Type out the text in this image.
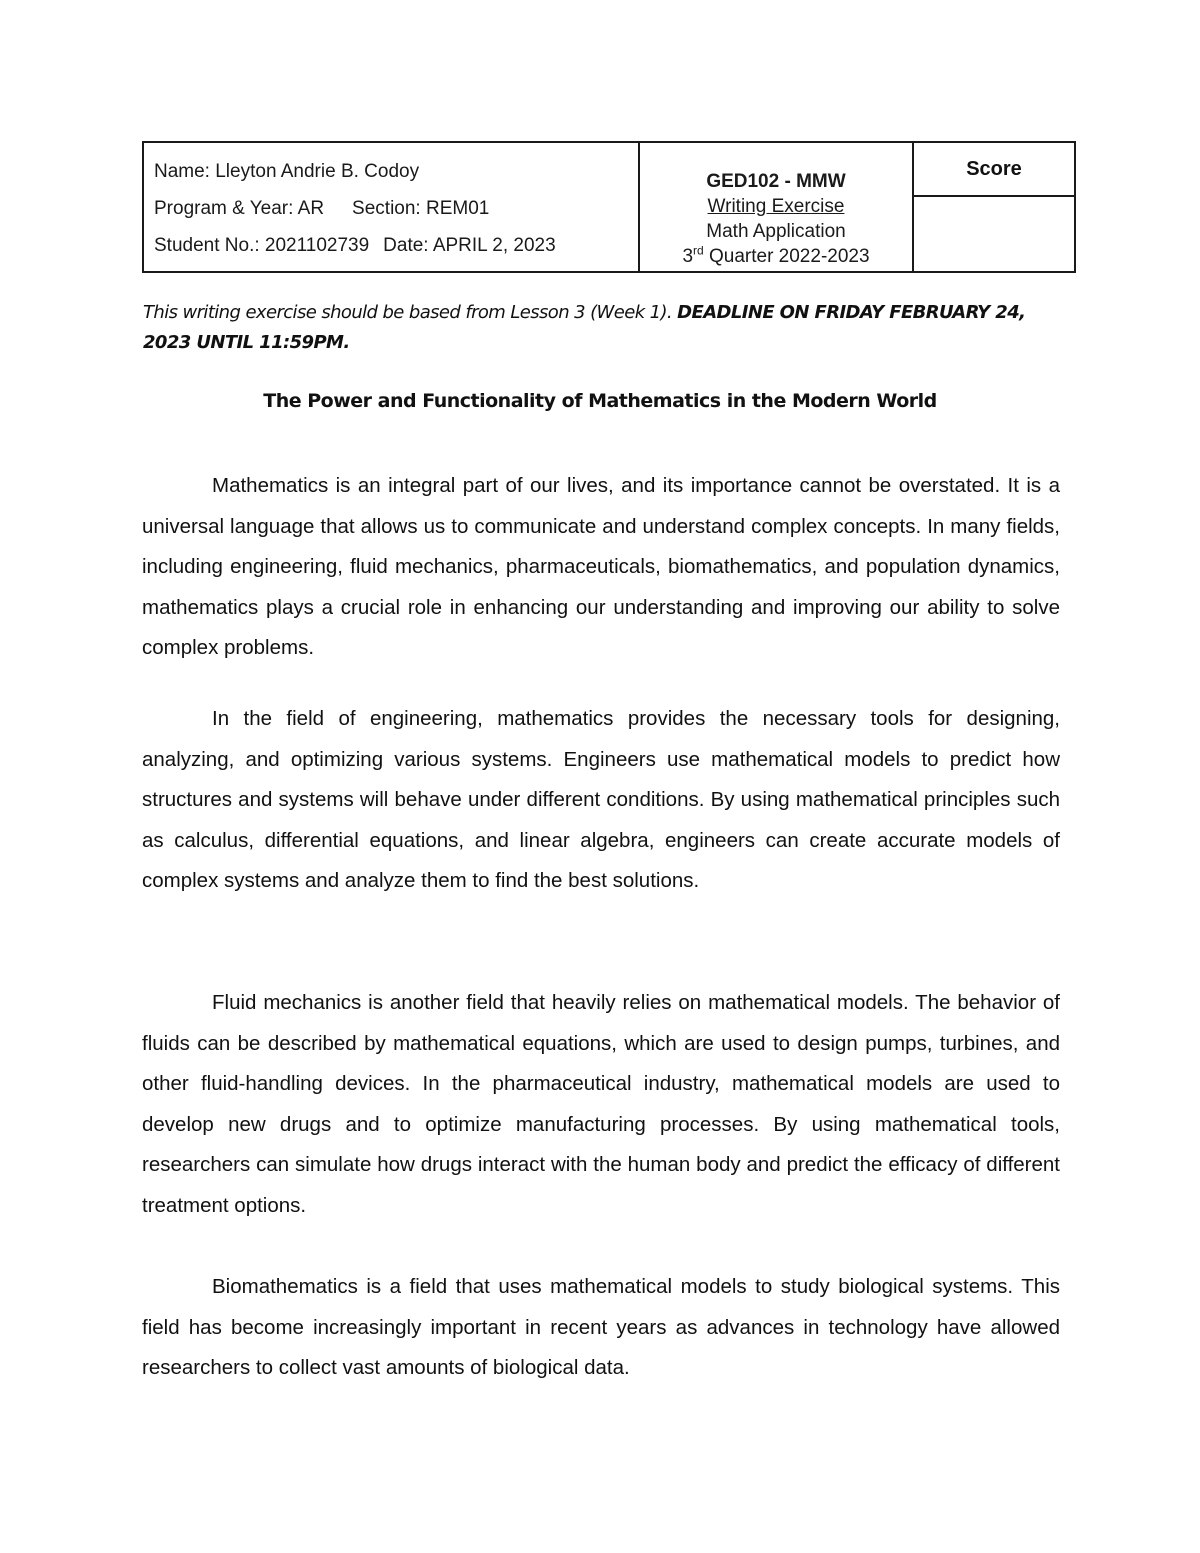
Name: Lleyton Andrie B. Codoy
Program & Year: AR Section: REM01
Student No.: 2021102739 Date: APRIL 2, 2023

GED102 - MMW
Writing Exercise
Math Application
3rd Quarter 2022-2023

Score

This writing exercise should be based from Lesson 3 (Week 1). DEADLINE ON FRIDAY FEBRUARY 24, 2023 UNTIL 11:59PM.
The Power and Functionality of Mathematics in the Modern World

Mathematics is an integral part of our lives, and its importance cannot be overstated. It is a universal language that allows us to communicate and understand complex concepts. In many fields, including engineering, fluid mechanics, pharmaceuticals, biomathematics, and population dynamics, mathematics plays a crucial role in enhancing our understanding and improving our ability to solve complex problems.

In the field of engineering, mathematics provides the necessary tools for designing, analyzing, and optimizing various systems. Engineers use mathematical models to predict how structures and systems will behave under different conditions. By using mathematical principles such as calculus, differential equations, and linear algebra, engineers can create accurate models of complex systems and analyze them to find the best solutions.

Fluid mechanics is another field that heavily relies on mathematical models. The behavior of fluids can be described by mathematical equations, which are used to design pumps, turbines, and other fluid-handling devices. In the pharmaceutical industry, mathematical models are used to develop new drugs and to optimize manufacturing processes. By using mathematical tools, researchers can simulate how drugs interact with the human body and predict the efficacy of different treatment options.

Biomathematics is a field that uses mathematical models to study biological systems. This field has become increasingly important in recent years as advances in technology have allowed researchers to collect vast amounts of biological data.
